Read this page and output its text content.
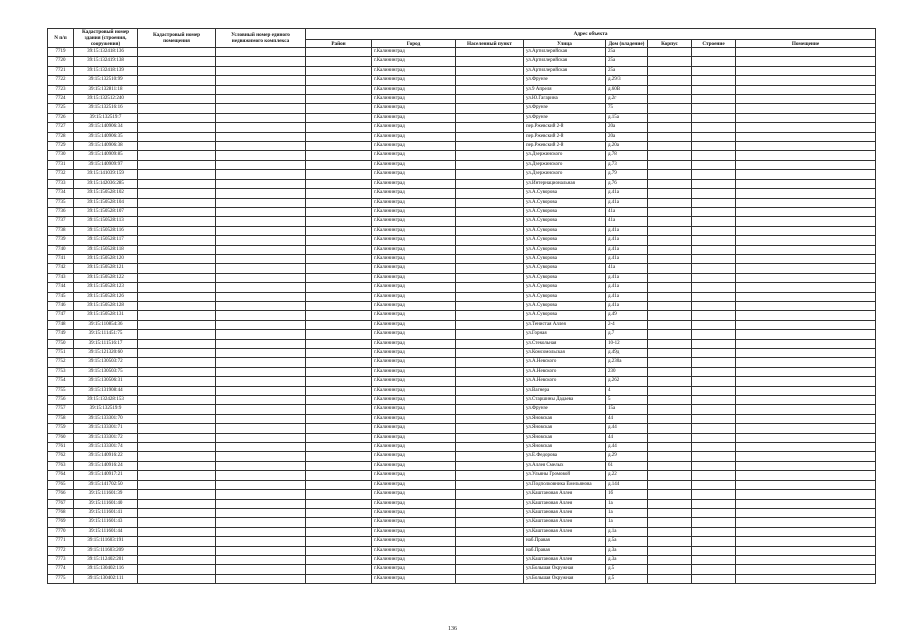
N п/п	Кадастровый номер здания (строения, сооружения)	Кадастровый номер помещения	Условный номер единого недвижимого комплекса	Адрес объекта							
				Район	Город	Населенный пункт	Улица	Дом (владение)	Корпус	Строение	Помещение
7719	39:15:132418:136				г.Калининград		ул.Артиллерийская	25а			
7720	39:15:132419:138				г.Калининград		ул.Артиллерийская	25а			
7721	39:15:132418:139				г.Калининград		ул.Артиллерийская	25а			
7722	39:15:132510:99				г.Калининград		ул.Фрунзе	д.29/3			
7723	39:15:132811:18				г.Калининград		ул.9 Апреля	д.60В			
7724	39:15:132512:240				г.Калининград		ул.Ю.Гагарина	д.2г			
7725	39:15:132516:16				г.Калининград		ул.Фрунзе	75			
7726	39:15:132519:7				г.Калининград		ул.Фрунзе	д.15а			
7727	39:15:140906:34				г.Калининград		пер.Ржевский 2-й	20а			
7728	39:15:140906:35				г.Калининград		пер.Ржевский 2-й	20а			
7729	39:15:140906:38				г.Калининград		пер.Ржевский 2-й	д.20а			
7730	39:15:140909:85				г.Калининград		ул.Дзержинского	д.78			
7731	39:15:140909:97				г.Калининград		ул.Дзержинского	д.73			
7732	39:15:141039:159				г.Калининград		ул.Дзержинского	д.79			
7733	39:15:142036:285				г.Калининград		ул.Интернациональная	д.76			
7734	39:15:150528:102				г.Калининград		ул.А.Суворова	д.41а			
7735	39:15:150528:104				г.Калининград		ул.А.Суворова	д.41а			
7736	39:15:150528:107				г.Калининград		ул.А.Суворова	41а			
7737	39:15:150528:113				г.Калининград		ул.А.Суворова	41а			
7738	39:15:150528:116				г.Калининград		ул.А.Суворова	д.41а			
7739	39:15:150528:117				г.Калининград		ул.А.Суворова	д.41а			
7740	39:15:150528:118				г.Калининград		ул.А.Суворова	д.41а			
7741	39:15:150528:120				г.Калининград		ул.А.Суворова	д.41а			
7742	39:15:150528:121				г.Калининград		ул.А.Суворова	41а			
7743	39:15:150528:122				г.Калининград		ул.А.Суворова	д.41а			
7744	39:15:150528:123				г.Калининград		ул.А.Суворова	д.41а			
7745	39:15:150528:126				г.Калининград		ул.А.Суворова	д.41а			
7746	39:15:150528:128				г.Калининград		ул.А.Суворова	д.41а			
7747	39:15:150528:131				г.Калининград		ул.А.Суворова	д.49			
7748	39:15:110854:36				г.Калининград		ул.Тенистая Аллея	2-4			
7749	39:15:111451:75				г.Калининград		ул.Горная	д.7			
7750	39:15:111516:17				г.Калининград		ул.Стекольная	10-12			
7751	39:15:121320:60				г.Калининград		ул.Комсомольская	д.49д			
7752	39:15:130503:72				г.Калининград		ул.А.Невского	д.230а			
7753	39:15:130503:75				г.Калининград		ул.А.Невского	230			
7754	39:15:130506:31				г.Калининград		ул.А.Невского	д.262			
7755	39:15:131908:44				г.Калининград		ул.Вагнера	4			
7756	39:15:132428:153				г.Калининград		ул.Старшины Дадаева	5			
7757	39:15:132519:9				г.Калининград		ул.Фрунзе	15а			
7758	39:15:133301:70				г.Калининград		ул.Яновская	44			
7759	39:15:133301:71				г.Калининград		ул.Яновская	д.44			
7760	39:15:133301:72				г.Калининград		ул.Яновская	44			
7761	39:15:133301:74				г.Калининград		ул.Яновская	д.44			
7762	39:15:140916:22				г.Калининград		ул.Е.Федорова	д.29			
7763	39:15:140916:24				г.Калининград		ул.Аллея Смелых	61			
7764	39:15:140917:21				г.Калининград		ул.Ульяны Громовой	д.22			
7765	39:15:141702:50				г.Калининград		ул.Подполковника Емельянова	д.144			
7766	39:15:111601:39				г.Калининград		ул.Каштановая Аллея	1б			
7767	39:15:111601:40				г.Калининград		ул.Каштановая Аллея	1а			
7768	39:15:111601:41				г.Калининград		ул.Каштановая Аллея	1а			
7769	39:15:111601:43				г.Калининград		ул.Каштановая Аллея	1а			
7770	39:15:111601:44				г.Калининград		ул.Каштановая Аллея	д.1а			
7771	39:15:111603:191				г.Калининград		наб.Правая	д.5а			
7772	39:15:111603:209				г.Калининград		наб.Правая	д.3а			
7773	39:15:112402:201				г.Калининград		ул.Каштановая Аллея	д.3а			
7774	39:15:130402:116				г.Калининград		ул.Большая Окружная	д.5			
7775	39:15:130402:111				г.Калининград		ул.Большая Окружная	д.5			
136
